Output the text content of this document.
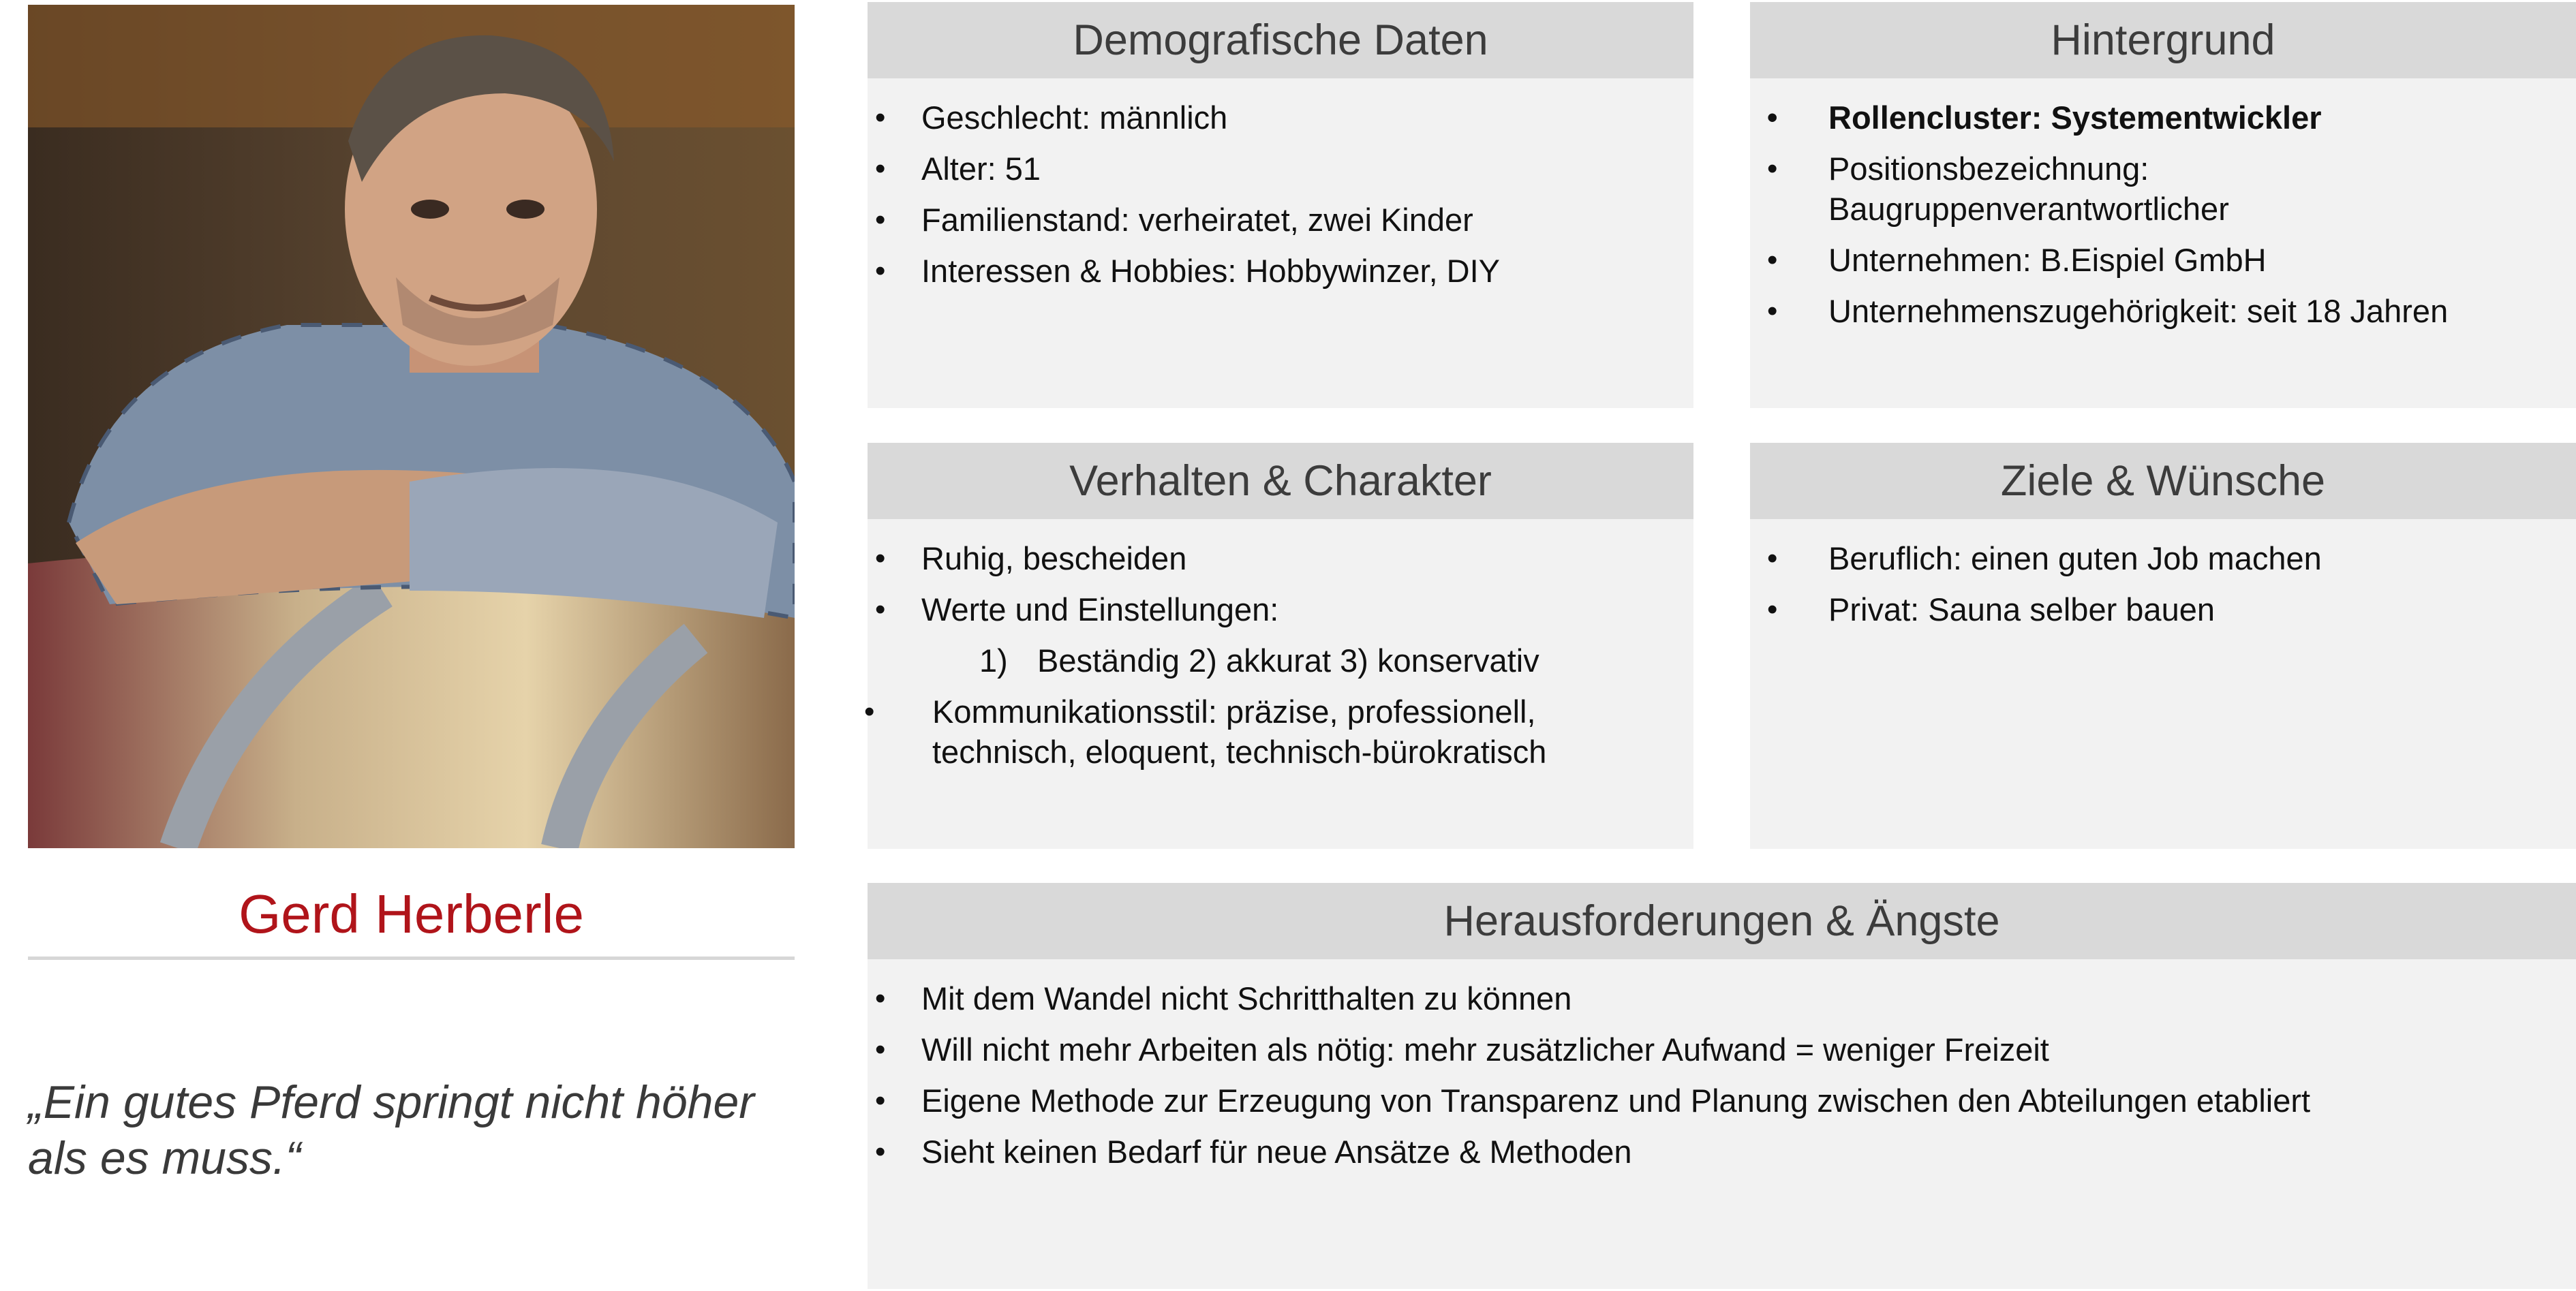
Gerd Herberle
„Ein gutes Pferd springt nicht höher als es muss.“
Demografische Daten
• Geschlecht: männlich
• Alter: 51
• Familienstand: verheiratet, zwei Kinder
• Interessen & Hobbies: Hobbywinzer, DIY
Hintergrund
• Rollencluster: Systementwickler
• Positionsbezeichnung: Baugruppenverantwortlicher
• Unternehmen: B.Eispiel GmbH
• Unternehmenszugehörigkeit: seit 18 Jahren
Verhalten & Charakter
• Ruhig, bescheiden
• Werte und Einstellungen:
1) Beständig 2) akkurat 3) konservativ
• Kommunikationsstil: präzise, professionell, technisch, eloquent, technisch-bürokratisch
Ziele & Wünsche
• Beruflich: einen guten Job machen
• Privat: Sauna selber bauen
Herausforderungen & Ängste
• Mit dem Wandel nicht Schritthalten zu können
• Will nicht mehr Arbeiten als nötig: mehr zusätzlicher Aufwand = weniger Freizeit
• Eigene Methode zur Erzeugung von Transparenz und Planung zwischen den Abteilungen etabliert
• Sieht keinen Bedarf für neue Ansätze & Methoden
